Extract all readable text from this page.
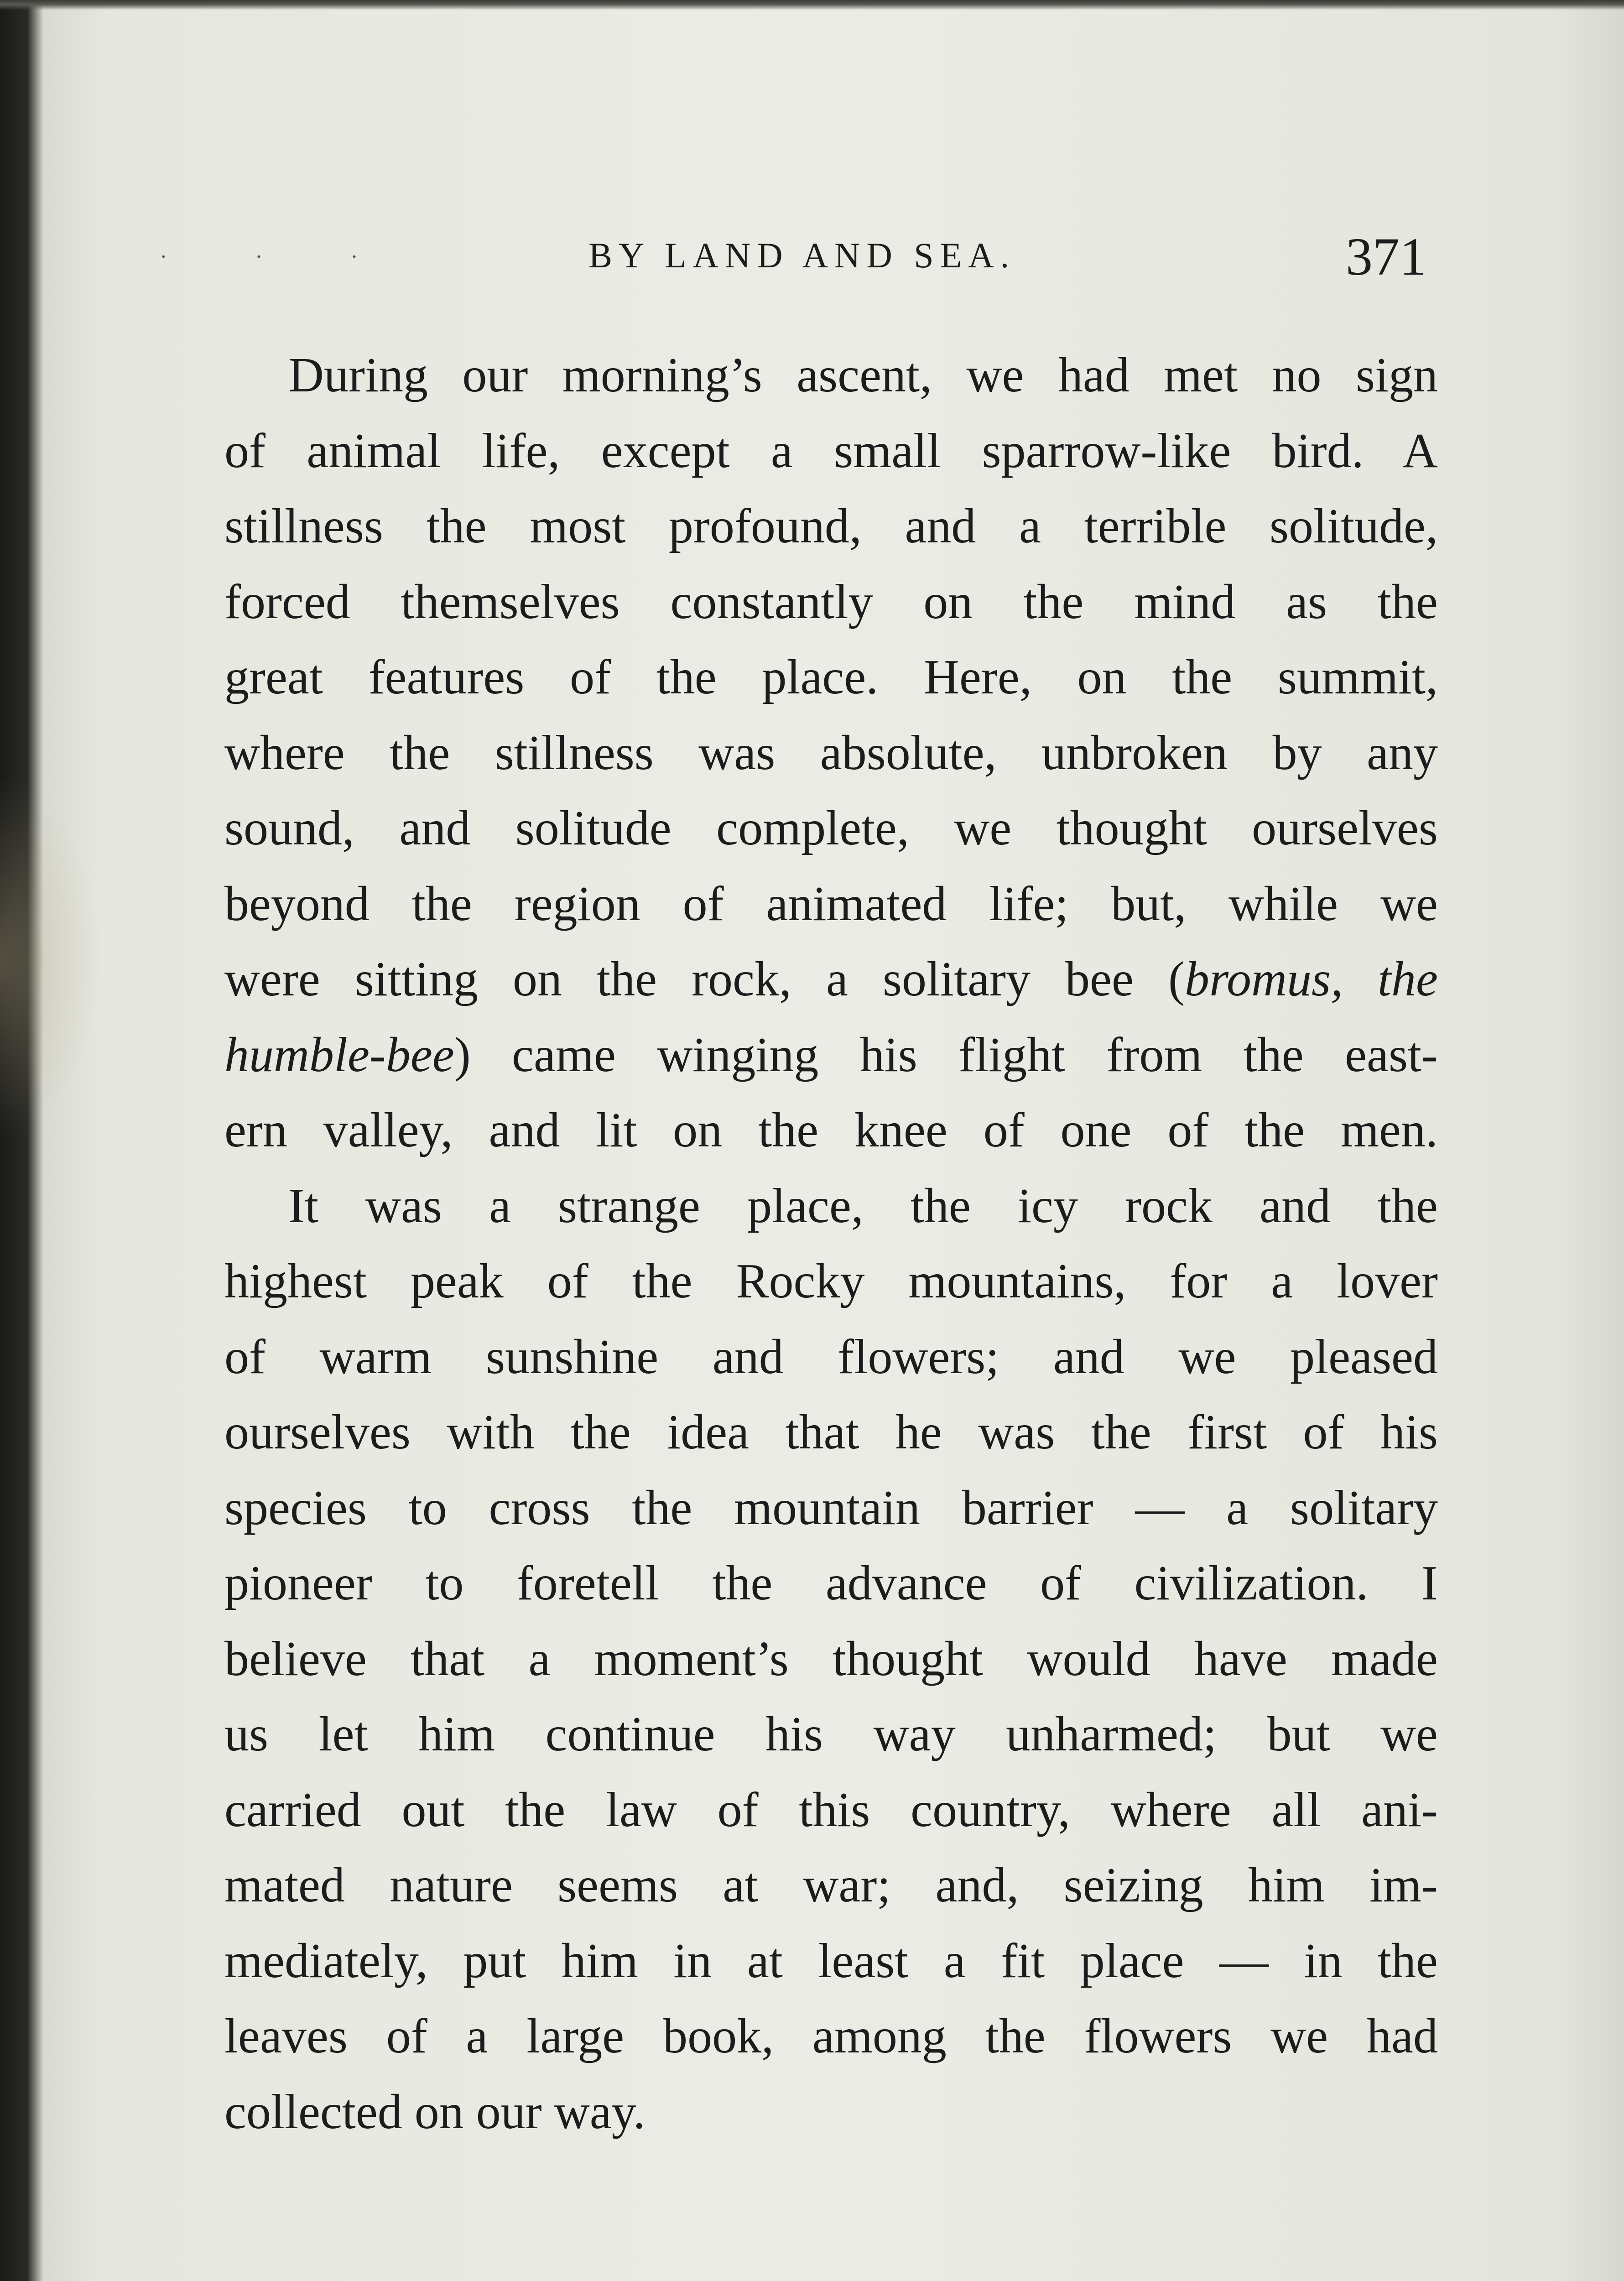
· · ·	BY LAND AND SEA.	371
During our morning’s ascent, we had met no sign
of animal life, except a small sparrow-like bird. A
stillness the most profound, and a terrible solitude,
forced themselves constantly on the mind as the
great features of the place. Here, on the summit,
where the stillness was absolute, unbroken by any
sound, and solitude complete, we thought ourselves
beyond the region of animated life; but, while we
were sitting on the rock, a solitary bee (bromus, the
humble-bee) came winging his flight from the east-
ern valley, and lit on the knee of one of the men.
It was a strange place, the icy rock and the
highest peak of the Rocky mountains, for a lover
of warm sunshine and flowers; and we pleased
ourselves with the idea that he was the first of his
species to cross the mountain barrier — a solitary
pioneer to foretell the advance of civilization. I
believe that a moment’s thought would have made
us let him continue his way unharmed; but we
carried out the law of this country, where all ani-
mated nature seems at war; and, seizing him im-
mediately, put him in at least a fit place — in the
leaves of a large book, among the flowers we had
collected on our way.
